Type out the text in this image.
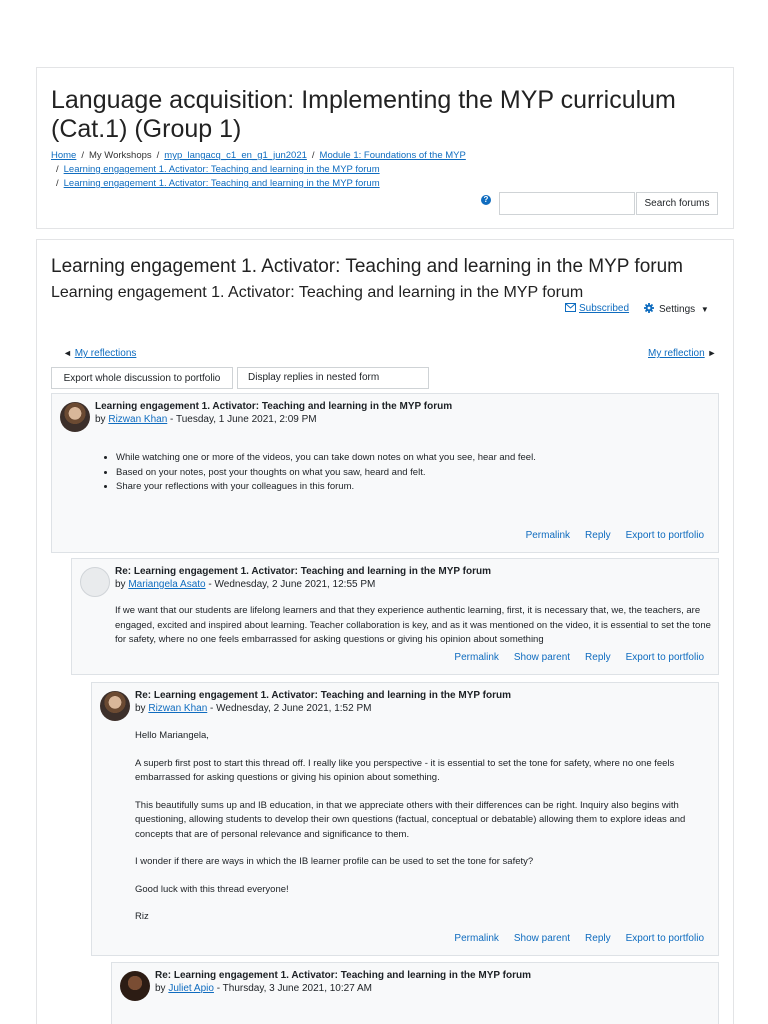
Language acquisition: Implementing the MYP curriculum (Cat.1) (Group 1)
Home / My Workshops / myp_langacq_c1_en_g1_jun2021 / Module 1: Foundations of the MYP
/ Learning engagement 1. Activator: Teaching and learning in the MYP forum
/ Learning engagement 1. Activator: Teaching and learning in the MYP forum
?	Search forums
Learning engagement 1. Activator: Teaching and learning in the MYP forum
Learning engagement 1. Activator: Teaching and learning in the MYP forum
Subscribed	Settings ▼
◄ My reflections	My reflection ►
Export whole discussion to portfolio	Display replies in nested form
Learning engagement 1. Activator: Teaching and learning in the MYP forum
by Rizwan Khan - Tuesday, 1 June 2021, 2:09 PM
• While watching one or more of the videos, you can take down notes on what you see, hear and feel.
• Based on your notes, post your thoughts on what you saw, heard and felt.
• Share your reflections with your colleagues in this forum.
Permalink Reply Export to portfolio
Re: Learning engagement 1. Activator: Teaching and learning in the MYP forum
by Mariangela Asato - Wednesday, 2 June 2021, 12:55 PM

If we want that our students are lifelong learners and that they experience authentic learning, first, it is necessary that, we, the teachers, are engaged, excited and inspired about learning. Teacher collaboration is key, and as it was mentioned on the video, it is essential to set the tone for safety, where no one feels embarrassed for asking questions or giving his opinion about something

Permalink Show parent Reply Export to portfolio
Re: Learning engagement 1. Activator: Teaching and learning in the MYP forum
by Rizwan Khan - Wednesday, 2 June 2021, 1:52 PM

Hello Mariangela,

A superb first post to start this thread off. I really like you perspective - it is essential to set the tone for safety, where no one feels embarrassed for asking questions or giving his opinion about something.

This beautifully sums up and IB education, in that we appreciate others with their differences can be right. Inquiry also begins with questioning, allowing students to develop their own questions (factual, conceptual or debatable) allowing them to explore ideas and concepts that are of personal relevance and significance to them.

I wonder if there are ways in which the IB learner profile can be used to set the tone for safety?

Good luck with this thread everyone!

Riz

Permalink Show parent Reply Export to portfolio
Re: Learning engagement 1. Activator: Teaching and learning in the MYP forum
by Juliet Apio - Thursday, 3 June 2021, 10:27 AM
